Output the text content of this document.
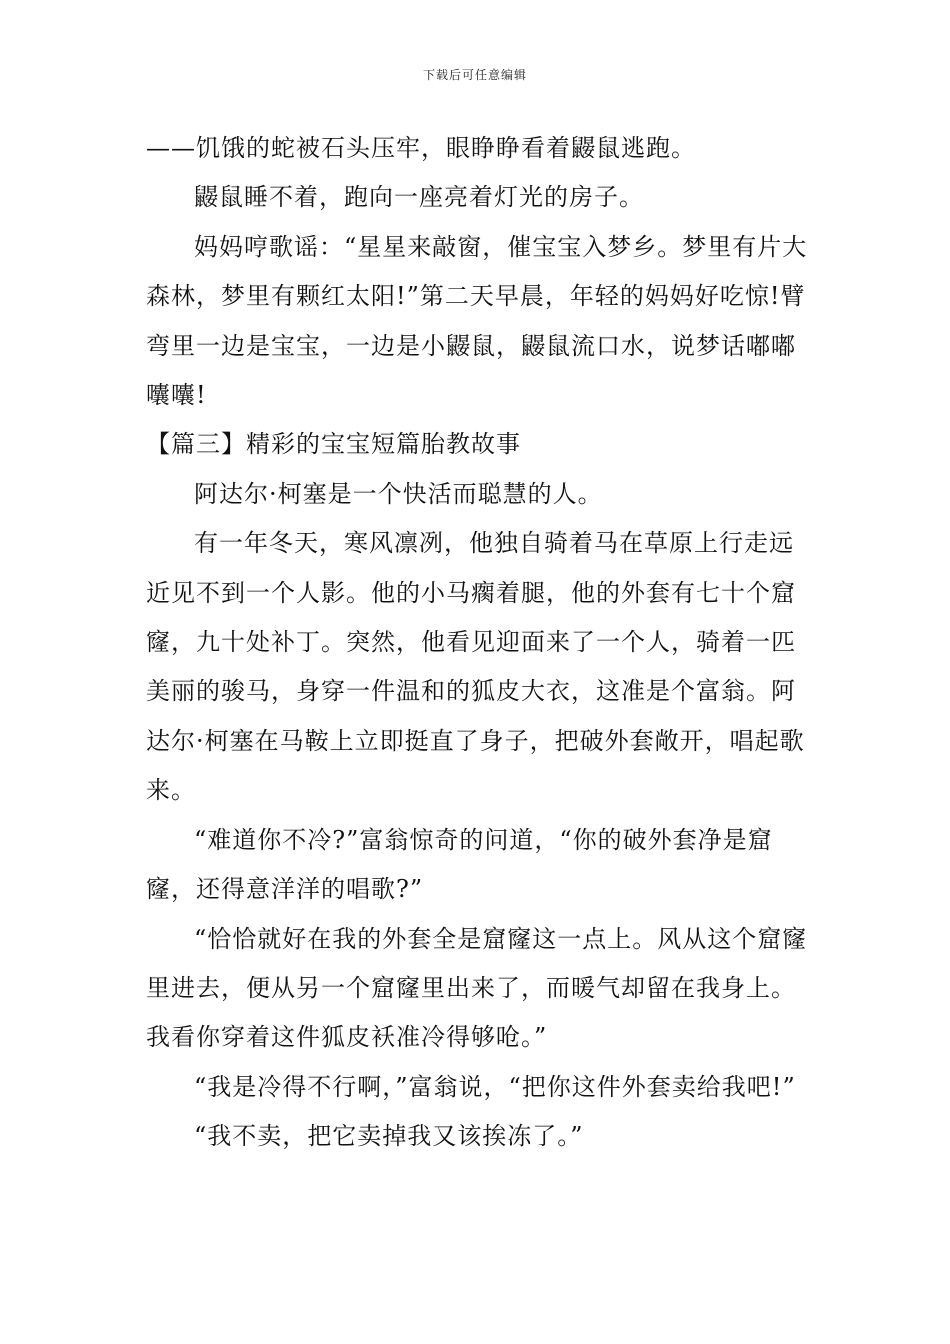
下载后可任意编辑

——饥饿的蛇被石头压牢，眼睁睁看着鼹鼠逃跑。

鼹鼠睡不着，跑向一座亮着灯光的房子。

妈妈哼歌谣：“星星来敲窗，催宝宝入梦乡。梦里有片大森林，梦里有颗红太阳!”第二天早晨，年轻的妈妈好吃惊!臂弯里一边是宝宝，一边是小鼹鼠，鼹鼠流口水，说梦话嘟嘟囔囔!

【篇三】精彩的宝宝短篇胎教故事

阿达尔·柯塞是一个快活而聪慧的人。

有一年冬天，寒风凛冽，他独自骑着马在草原上行走远近见不到一个人影。他的小马瘸着腿，他的外套有七十个窟窿，九十处补丁。突然，他看见迎面来了一个人，骑着一匹美丽的骏马，身穿一件温和的狐皮大衣，这准是个富翁。阿达尔·柯塞在马鞍上立即挺直了身子，把破外套敞开，唱起歌来。

“难道你不冷?”富翁惊奇的问道，“你的破外套净是窟窿，还得意洋洋的唱歌?”

“恰恰就好在我的外套全是窟窿这一点上。风从这个窟窿里进去，便从另一个窟窿里出来了，而暖气却留在我身上。我看你穿着这件狐皮袄准冷得够呛。”

“我是冷得不行啊，”富翁说，“把你这件外套卖给我吧!”

“我不卖，把它卖掉我又该挨冻了。”
